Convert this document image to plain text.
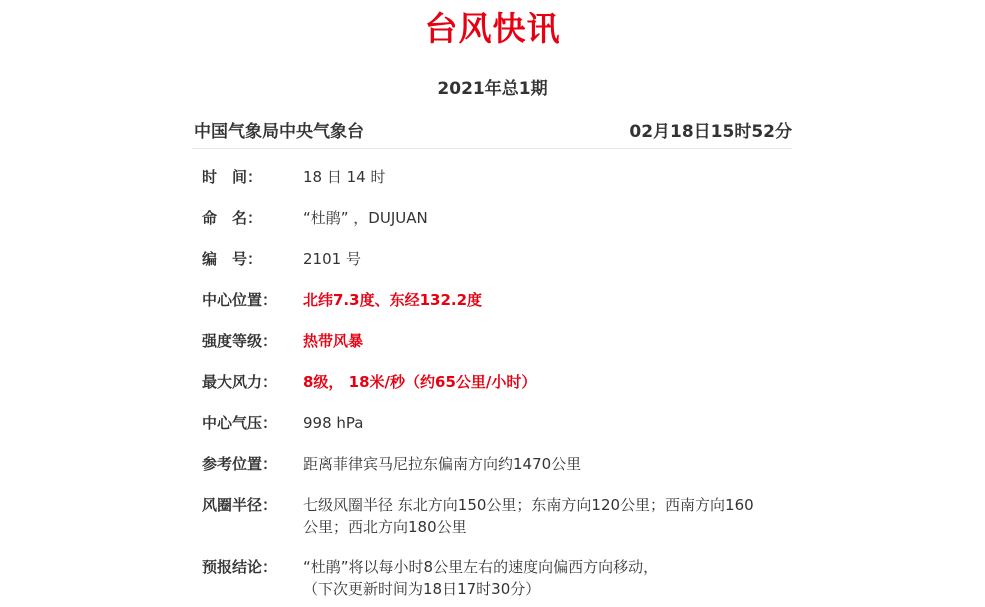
台风快讯
2021年总1期
中国气象局中央气象台	02月18日15时52分
时　间：	18 日 14 时
命　名：	“杜鹃” ，DUJUAN
编　号：	2101 号
中心位置： 北纬7.3度、东经132.2度
强度等级： 热带风暴
最大风力： 8级， 18米/秒（约65公里/小时）
中心气压： 998 hPa
参考位置： 距离菲律宾马尼拉东偏南方向约1470公里
风圈半径： 七级风圈半径 东北方向150公里；东南方向120公里；西南方向160
公里；西北方向180公里
预报结论： “杜鹃”将以每小时8公里左右的速度向偏西方向移动，
（下次更新时间为18日17时30分）
